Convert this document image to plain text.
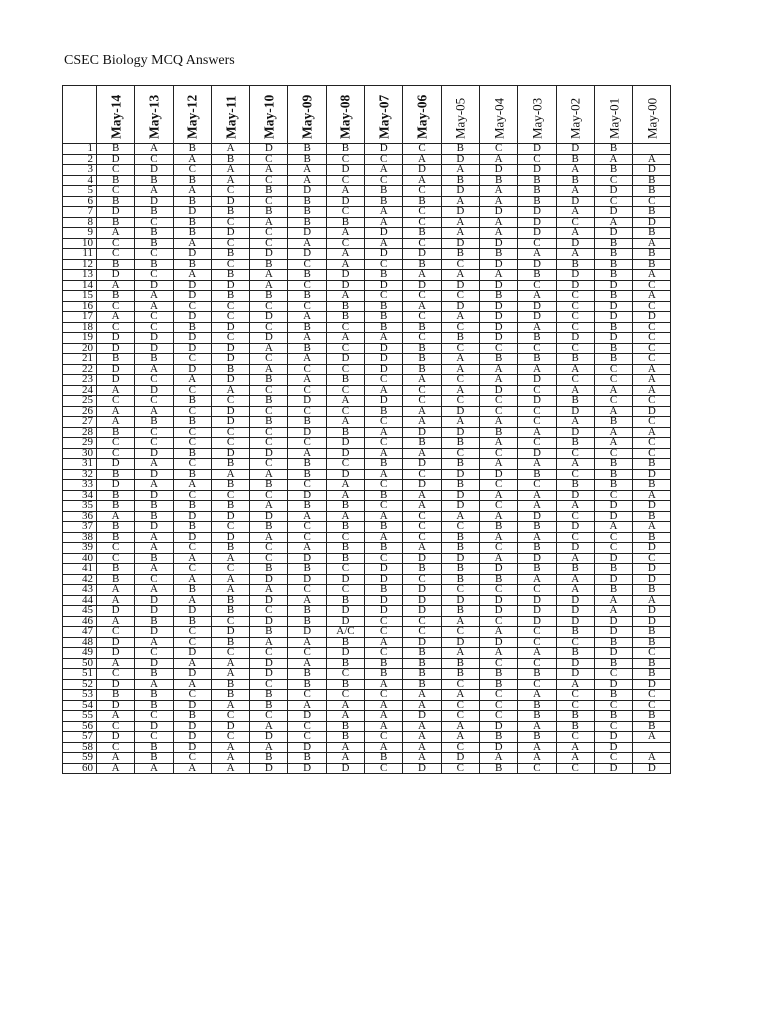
CSEC Biology MCQ Answers

	May-14	May-13	May-12	May-11	May-10	May-09	May-08	May-07	May-06	May-05	May-04	May-03	May-02	May-01	May-00

1	B	A	B	A	D	B	B	D	C	B	C	D	D	B	
2	D	C	A	B	C	B	C	C	A	D	A	C	B	A	A
3	C	D	C	A	A	A	D	A	D	A	D	D	A	B	D
4	B	B	B	A	C	A	C	C	A	B	B	B	B	C	B
5	C	A	A	C	B	D	A	B	C	D	A	B	A	D	B
6	B	D	B	D	C	B	D	B	B	A	A	B	D	C	C
7	D	B	D	B	B	B	C	A	C	D	D	D	A	D	B
8	B	C	B	C	A	B	B	A	C	A	A	D	C	A	D
9	A	B	B	D	C	D	A	D	B	A	A	D	A	D	B
10	C	B	A	C	C	A	C	A	C	D	D	C	D	B	A
11	C	C	D	B	D	D	A	D	D	B	B	A	A	B	B
12	B	B	B	C	B	C	A	C	B	C	D	D	B	B	B
13	D	C	A	B	A	B	D	B	A	A	A	B	D	B	A
14	A	D	D	D	A	C	D	D	D	D	D	C	D	D	C
15	B	A	D	B	B	B	A	C	C	C	B	A	C	B	A
16	C	A	C	C	C	C	B	B	A	D	D	D	C	D	C
17	A	C	D	C	D	A	B	B	C	A	D	D	C	D	D
18	C	C	B	D	C	B	C	B	B	C	D	A	C	B	C
19	D	D	D	C	D	A	A	A	C	B	D	B	D	D	C
20	D	D	D	D	A	B	C	D	B	C	C	C	C	B	C
21	B	B	C	D	C	A	D	D	B	A	B	B	B	B	C
22	D	A	D	B	A	C	C	D	B	A	A	A	A	C	A
23	D	C	A	D	B	A	B	C	A	C	A	D	C	C	A
24	A	D	C	A	C	C	C	A	C	A	D	C	A	A	A
25	C	C	B	C	B	D	A	D	C	C	C	D	B	C	C
26	A	A	C	D	C	C	C	B	A	D	C	C	D	A	D
27	A	B	B	D	B	B	A	C	A	A	A	C	A	B	C
28	B	C	C	C	C	D	B	A	D	D	B	A	D	A	A
29	C	C	C	C	C	C	D	C	B	B	A	C	B	A	C
30	C	D	B	D	D	A	D	A	A	C	C	D	C	C	C
31	D	A	C	B	C	B	C	B	D	B	A	A	A	B	B
32	B	D	B	A	A	B	D	A	C	D	D	B	C	B	D
33	D	A	A	B	B	C	A	C	D	B	C	C	B	B	B
34	B	D	C	C	C	D	A	B	A	D	A	A	D	C	A
35	B	B	B	B	A	B	B	C	A	D	C	A	A	D	D
36	A	B	D	D	D	A	A	A	C	A	A	D	C	D	B
37	B	D	B	C	B	C	B	B	C	C	B	B	D	A	A
38	B	A	D	D	A	C	C	A	C	B	A	A	C	C	B
39	C	A	C	B	C	A	B	B	A	B	C	B	D	C	D
40	C	B	A	A	C	D	B	C	D	D	A	D	A	D	C
41	B	A	C	C	B	B	C	D	B	B	D	B	B	B	D
42	B	C	A	A	D	D	D	D	C	B	B	A	A	D	D
43	A	A	B	A	A	C	C	B	D	C	C	C	A	B	B
44	A	D	A	B	D	A	B	D	D	D	D	D	D	A	A
45	D	D	D	B	C	B	D	D	D	B	D	D	D	A	D
46	A	B	B	C	D	B	D	C	C	A	C	D	D	D	D
47	C	D	C	D	B	D	A/C	C	C	C	A	C	B	D	B
48	D	A	C	B	A	A	B	A	D	D	D	C	C	B	B
49	D	C	D	C	C	C	D	C	B	A	A	A	B	D	C
50	A	D	A	A	D	A	B	B	B	B	C	C	D	B	B
51	C	B	D	A	D	B	C	B	B	B	B	B	D	C	B
52	D	A	A	B	C	B	B	A	B	C	B	C	A	D	D
53	B	B	C	B	B	C	C	C	A	A	C	A	C	B	C
54	D	B	D	A	B	A	A	A	A	C	C	B	C	C	C
55	A	C	B	C	C	D	A	A	D	C	C	B	B	B	B
56	C	D	D	D	A	C	B	A	A	A	D	A	B	C	B
57	D	C	D	C	D	C	B	C	A	A	B	B	C	D	A
58	C	B	D	A	A	D	A	A	A	C	D	A	A	D	
59	A	B	C	A	B	B	A	B	A	D	A	A	A	C	A
60	A	A	A	A	D	D	D	C	D	C	B	C	C	D	D
